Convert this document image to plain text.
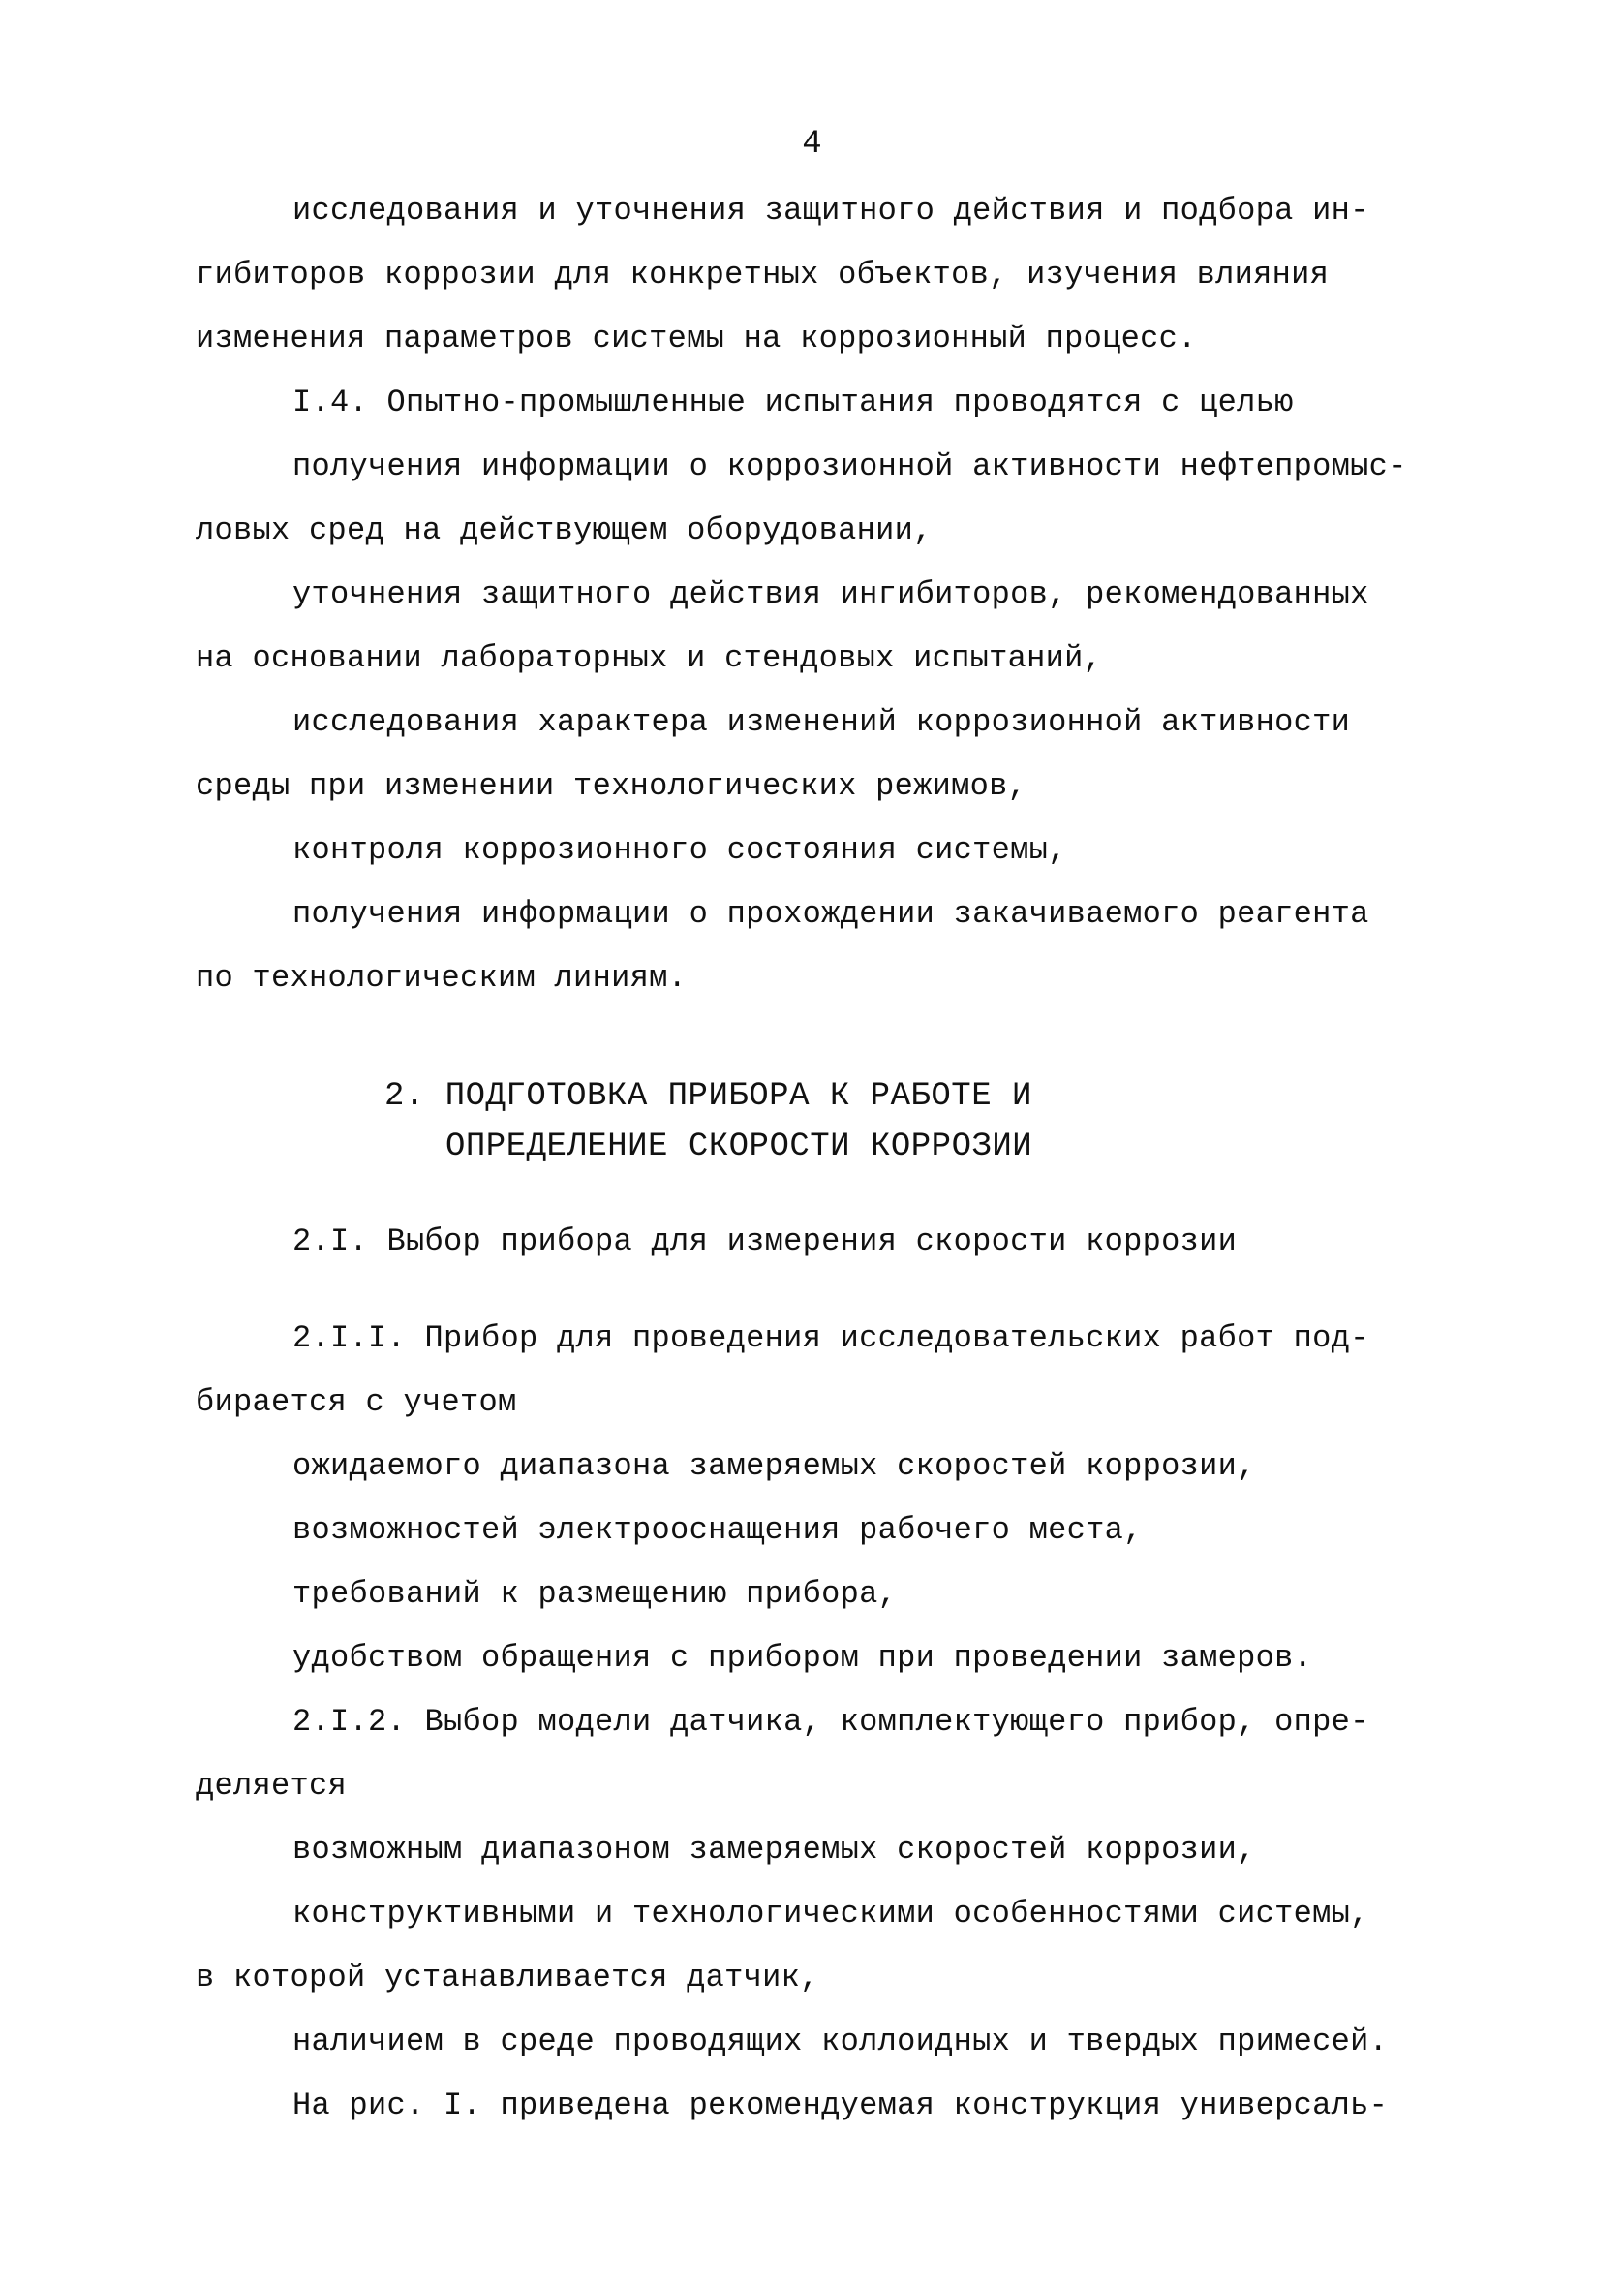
4
исследования и уточнения защитного действия и подбора ин-
гибиторов коррозии для конкретных объектов, изучения влияния
изменения параметров системы на коррозионный процесс.
I.4. Опытно-промышленные испытания проводятся с целью
получения информации о коррозионной активности нефтепромыс-
ловых сред на действующем оборудовании,
уточнения защитного действия ингибиторов, рекомендованных
на основании лабораторных и стендовых испытаний,
исследования характера изменений коррозионной активности
среды при изменении технологических режимов,
контроля коррозионного состояния системы,
получения информации о прохождении закачиваемого реагента
по технологическим линиям.
2. ПОДГОТОВКА ПРИБОРА К РАБОТЕ И
ОПРЕДЕЛЕНИЕ СКОРОСТИ КОРРОЗИИ
2.I. Выбор прибора для измерения скорости коррозии
2.I.I. Прибор для проведения исследовательских работ под-
бирается с учетом
ожидаемого диапазона замеряемых скоростей коррозии,
возможностей электрооснащения рабочего места,
требований к размещению прибора,
удобством обращения с прибором при проведении замеров.
2.I.2. Выбор модели датчика, комплектующего прибор, опре-
деляется
возможным диапазоном замеряемых скоростей коррозии,
конструктивными и технологическими особенностями системы,
в которой устанавливается датчик,
наличием в среде проводящих коллоидных и твердых примесей.
На рис. I. приведена рекомендуемая конструкция универсаль-
